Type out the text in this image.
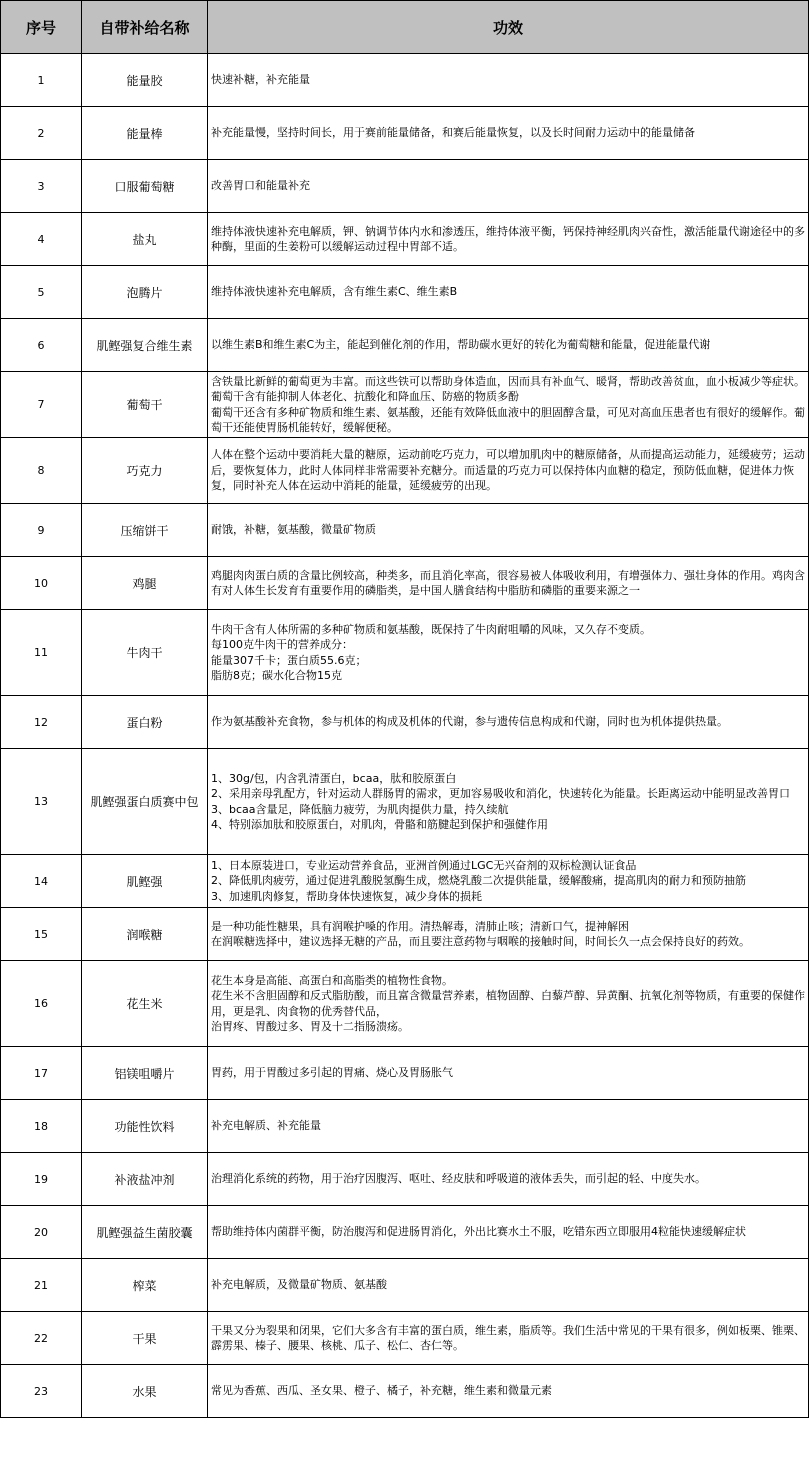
序号	自带补给名称	功效
1	能量胶	快速补糖，补充能量
2	能量棒	补充能量慢，坚持时间长，用于赛前能量储备，和赛后能量恢复，以及长时间耐力运动中的能量储备
3	口服葡萄糖	改善胃口和能量补充
4	盐丸	维持体液快速补充电解质，钾、钠调节体内水和渗透压，维持体液平衡，钙保持神经肌肉兴奋性，激活能量代谢途径中的多种酶，里面的生姜粉可以缓解运动过程中胃部不适。
5	泡腾片	维持体液快速补充电解质，含有维生素C、维生素B
6	肌鲣强复合维生素	以维生素B和维生素C为主，能起到催化剂的作用，帮助碳水更好的转化为葡萄糖和能量，促进能量代谢
7	葡萄干	含铁量比新鲜的葡萄更为丰富。而这些铁可以帮助身体造血，因而具有补血气、暖肾，帮助改善贫血，血小板减少等症状。
葡萄干含有能抑制人体老化、抗酸化和降血压、防癌的物质多酚
葡萄干还含有多种矿物质和维生素、氨基酸，还能有效降低血液中的胆固醇含量，可见对高血压患者也有很好的缓解作。葡萄干还能使胃肠机能转好，缓解便秘。
8	巧克力	人体在整个运动中要消耗大量的糖原，运动前吃巧克力，可以增加肌肉中的糖原储备，从而提高运动能力，延缓疲劳；运动后，要恢复体力，此时人体同样非常需要补充糖分。而适量的巧克力可以保持体内血糖的稳定，预防低血糖，促进体力恢复，同时补充人体在运动中消耗的能量，延缓疲劳的出现。
9	压缩饼干	耐饿，补糖，氨基酸，微量矿物质
10	鸡腿	鸡腿肉肉蛋白质的含量比例较高，种类多，而且消化率高，很容易被人体吸收利用，有增强体力、强壮身体的作用。鸡肉含有对人体生长发育有重要作用的磷脂类，是中国人膳食结构中脂肪和磷脂的重要来源之一
11	牛肉干	牛肉干含有人体所需的多种矿物质和氨基酸，既保持了牛肉耐咀嚼的风味，又久存不变质。
每100克牛肉干的营养成分：
能量307千卡；蛋白质55.6克；
脂肪8克；碳水化合物15克
12	蛋白粉	作为氨基酸补充食物，参与机体的构成及机体的代谢，参与遗传信息构成和代谢，同时也为机体提供热量。
13	肌鲣强蛋白质赛中包	1、30g/包，内含乳清蛋白，bcaa，肽和胶原蛋白
2、采用亲母乳配方，针对运动人群肠胃的需求，更加容易吸收和消化，快速转化为能量。长距离运动中能明显改善胃口
3、bcaa含量足，降低脑力疲劳，为肌肉提供力量，持久续航
4、特别添加肽和胶原蛋白，对肌肉，骨骼和筋腱起到保护和强健作用
14	肌鲣强	1、日本原装进口，专业运动营养食品，亚洲首例通过LGC无兴奋剂的双标检测认证食品
2、降低肌肉疲劳，通过促进乳酸脱氢酶生成，燃烧乳酸二次提供能量，缓解酸痛，提高肌肉的耐力和预防抽筋
3、加速肌肉修复，帮助身体快速恢复，减少身体的损耗
15	润喉糖	是一种功能性糖果，具有润喉护嗓的作用。清热解毒，清肺止咳；清新口气，提神解困
在润喉糖选择中，建议选择无糖的产品，而且要注意药物与咽喉的接触时间，时间长久一点会保持良好的药效。
16	花生米	花生本身是高能、高蛋白和高脂类的植物性食物。
花生米不含胆固醇和反式脂肪酸，而且富含微量营养素，植物固醇、白藜芦醇、异黄酮、抗氧化剂等物质，有重要的保健作用，更是乳、肉食物的优秀替代品，
治胃疼、胃酸过多、胃及十二指肠溃疡。
17	铝镁咀嚼片	胃药，用于胃酸过多引起的胃痛、烧心及胃肠胀气
18	功能性饮料	补充电解质、补充能量
19	补液盐冲剂	治理消化系统的药物，用于治疗因腹泻、呕吐、经皮肤和呼吸道的液体丢失，而引起的轻、中度失水。
20	肌鲣强益生菌胶囊	帮助维持体内菌群平衡，防治腹泻和促进肠胃消化，外出比赛水土不服，吃错东西立即服用4粒能快速缓解症状
21	榨菜	补充电解质，及微量矿物质、氨基酸
22	干果	干果又分为裂果和闭果，它们大多含有丰富的蛋白质，维生素，脂质等。我们生活中常见的干果有很多，例如板栗、锥栗、霹雳果、榛子、腰果、核桃、瓜子、松仁、杏仁等。
23	水果	常见为香蕉、西瓜、圣女果、橙子、橘子，补充糖，维生素和微量元素
